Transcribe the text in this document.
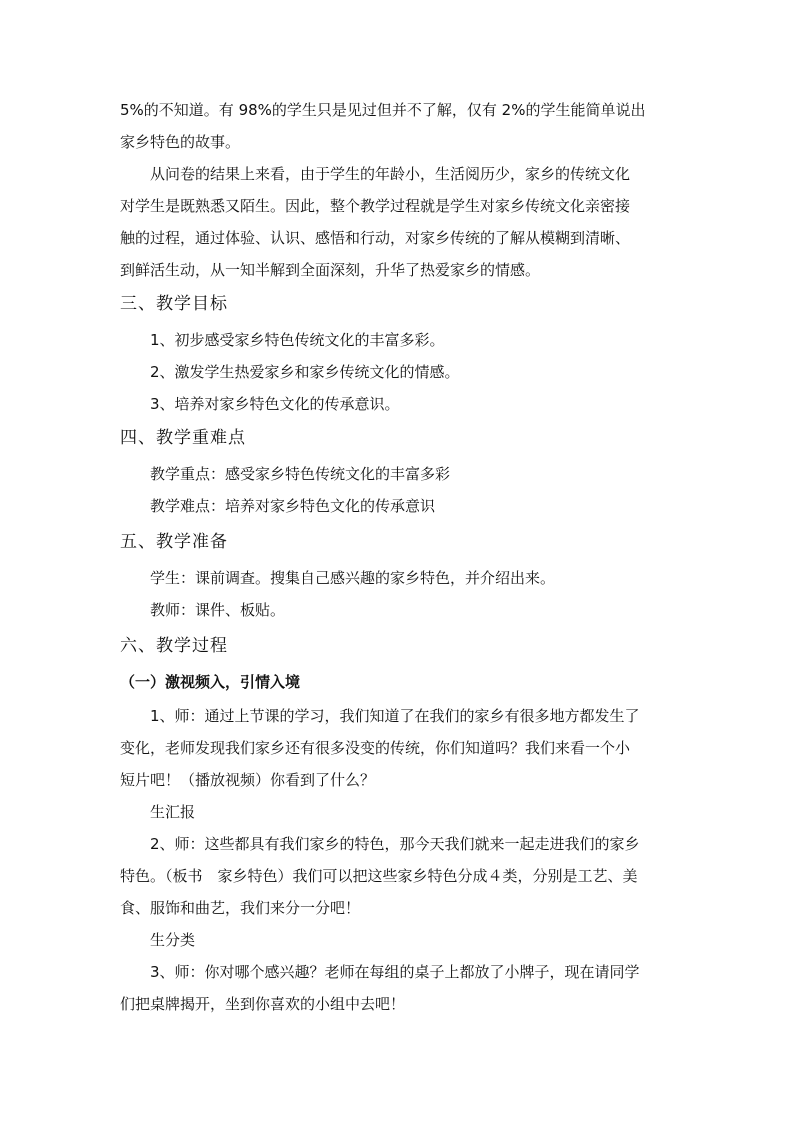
5%的不知道。有 98%的学生只是见过但并不了解，仅有 2%的学生能简单说出
家乡特色的故事。
从问卷的结果上来看，由于学生的年龄小，生活阅历少，家乡的传统文化
对学生是既熟悉又陌生。因此，整个教学过程就是学生对家乡传统文化亲密接
触的过程，通过体验、认识、感悟和行动，对家乡传统的了解从模糊到清晰、
到鲜活生动，从一知半解到全面深刻，升华了热爱家乡的情感。
三、教学目标
1、初步感受家乡特色传统文化的丰富多彩。
2、激发学生热爱家乡和家乡传统文化的情感。
3、培养对家乡特色文化的传承意识。
四、教学重难点
教学重点：感受家乡特色传统文化的丰富多彩
教学难点：培养对家乡特色文化的传承意识
五、教学准备
学生：课前调查。搜集自己感兴趣的家乡特色，并介绍出来。
教师：课件、板贴。
六、教学过程
（一）激视频入，引情入境
1、师：通过上节课的学习，我们知道了在我们的家乡有很多地方都发生了
变化，老师发现我们家乡还有很多没变的传统，你们知道吗？我们来看一个小
短片吧！（播放视频）你看到了什么？
生汇报
2、师：这些都具有我们家乡的特色，那今天我们就来一起走进我们的家乡
特色。（板书　家乡特色）我们可以把这些家乡特色分成４类，分别是工艺、美
食、服饰和曲艺，我们来分一分吧！
生分类
3、师：你对哪个感兴趣？老师在每组的桌子上都放了小牌子，现在请同学
们把桌牌揭开，坐到你喜欢的小组中去吧！
